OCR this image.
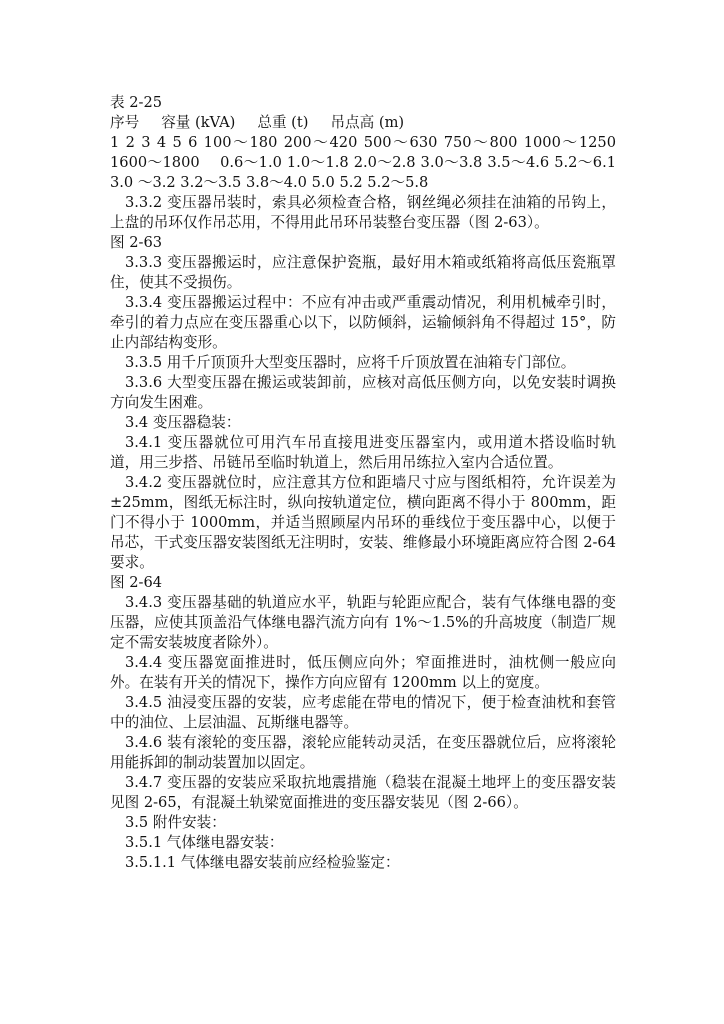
表 2-25
序号 容量 (kVA) 总重 (t) 吊点高 (m)
1 2 3 4 5 6 100～180 200～420 500～630 750～800 1000～1250 1600～1800　 0.6～1.0 1.0～1.8 2.0～2.8 3.0～3.8 3.5～4.6 5.2～6.1 3.0 ～3.2 3.2～3.5 3.8～4.0 5.0 5.2 5.2～5.8
3.3.2 变压器吊装时，索具必须检查合格，钢丝绳必须挂在油箱的吊钩上，上盘的吊环仅作吊芯用，不得用此吊环吊装整台变压器（图 2-63）。
图 2-63
3.3.3 变压器搬运时，应注意保护瓷瓶，最好用木箱或纸箱将高低压瓷瓶罩住，使其不受损伤。
3.3.4 变压器搬运过程中：不应有冲击或严重震动情况，利用机械牵引时，牵引的着力点应在变压器重心以下，以防倾斜，运输倾斜角不得超过 15°，防止内部结构变形。
3.3.5 用千斤顶顶升大型变压器时，应将千斤顶放置在油箱专门部位。
3.3.6 大型变压器在搬运或装卸前，应核对高低压侧方向，以免安装时调换方向发生困难。
3.4 变压器稳装：
3.4.1 变压器就位可用汽车吊直接甩进变压器室内，或用道木搭设临时轨道，用三步搭、吊链吊至临时轨道上，然后用吊练拉入室内合适位置。
3.4.2 变压器就位时，应注意其方位和距墙尺寸应与图纸相符，允许误差为±25mm，图纸无标注时，纵向按轨道定位，横向距离不得小于 800mm，距门不得小于 1000mm，并适当照顾屋内吊环的垂线位于变压器中心，以便于吊芯，干式变压器安装图纸无注明时，安装、维修最小环境距离应符合图 2-64 要求。
图 2-64
3.4.3 变压器基础的轨道应水平，轨距与轮距应配合，装有气体继电器的变压器，应使其顶盖沿气体继电器汽流方向有 1%～1.5%的升高坡度（制造厂规定不需安装坡度者除外）。
3.4.4 变压器宽面推进时，低压侧应向外；窄面推进时，油枕侧一般应向外。在装有开关的情况下，操作方向应留有 1200mm 以上的宽度。
3.4.5 油浸变压器的安装，应考虑能在带电的情况下，便于检查油枕和套管中的油位、上层油温、瓦斯继电器等。
3.4.6 装有滚轮的变压器，滚轮应能转动灵活，在变压器就位后，应将滚轮用能拆卸的制动装置加以固定。
3.4.7 变压器的安装应采取抗地震措施（稳装在混凝土地坪上的变压器安装见图 2-65，有混凝土轨梁宽面推进的变压器安装见（图 2-66）。
3.5 附件安装：
3.5.1 气体继电器安装：
3.5.1.1 气体继电器安装前应经检验鉴定：
